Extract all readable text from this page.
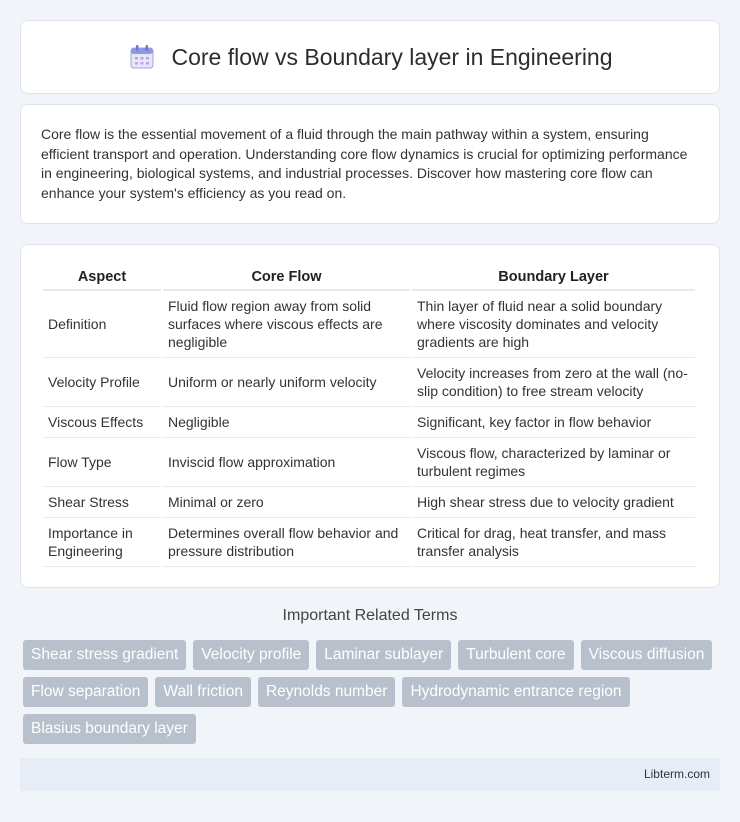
Core flow vs Boundary layer in Engineering

Core flow is the essential movement of a fluid through the main pathway within a system, ensuring efficient transport and operation. Understanding core flow dynamics is crucial for optimizing performance in engineering, biological systems, and industrial processes. Discover how mastering core flow can enhance your system's efficiency as you read on.

Aspect	Core Flow	Boundary Layer
Definition	Fluid flow region away from solid surfaces where viscous effects are negligible	Thin layer of fluid near a solid boundary where viscosity dominates and velocity gradients are high
Velocity Profile	Uniform or nearly uniform velocity	Velocity increases from zero at the wall (no-slip condition) to free stream velocity
Viscous Effects	Negligible	Significant, key factor in flow behavior
Flow Type	Inviscid flow approximation	Viscous flow, characterized by laminar or turbulent regimes
Shear Stress	Minimal or zero	High shear stress due to velocity gradient
Importance in Engineering	Determines overall flow behavior and pressure distribution	Critical for drag, heat transfer, and mass transfer analysis
Important Related Terms
Shear stress gradient	Velocity profile	Laminar sublayer	Turbulent core	Viscous diffusion
Flow separation	Wall friction	Reynolds number	Hydrodynamic entrance region
Blasius boundary layer
Libterm.com
